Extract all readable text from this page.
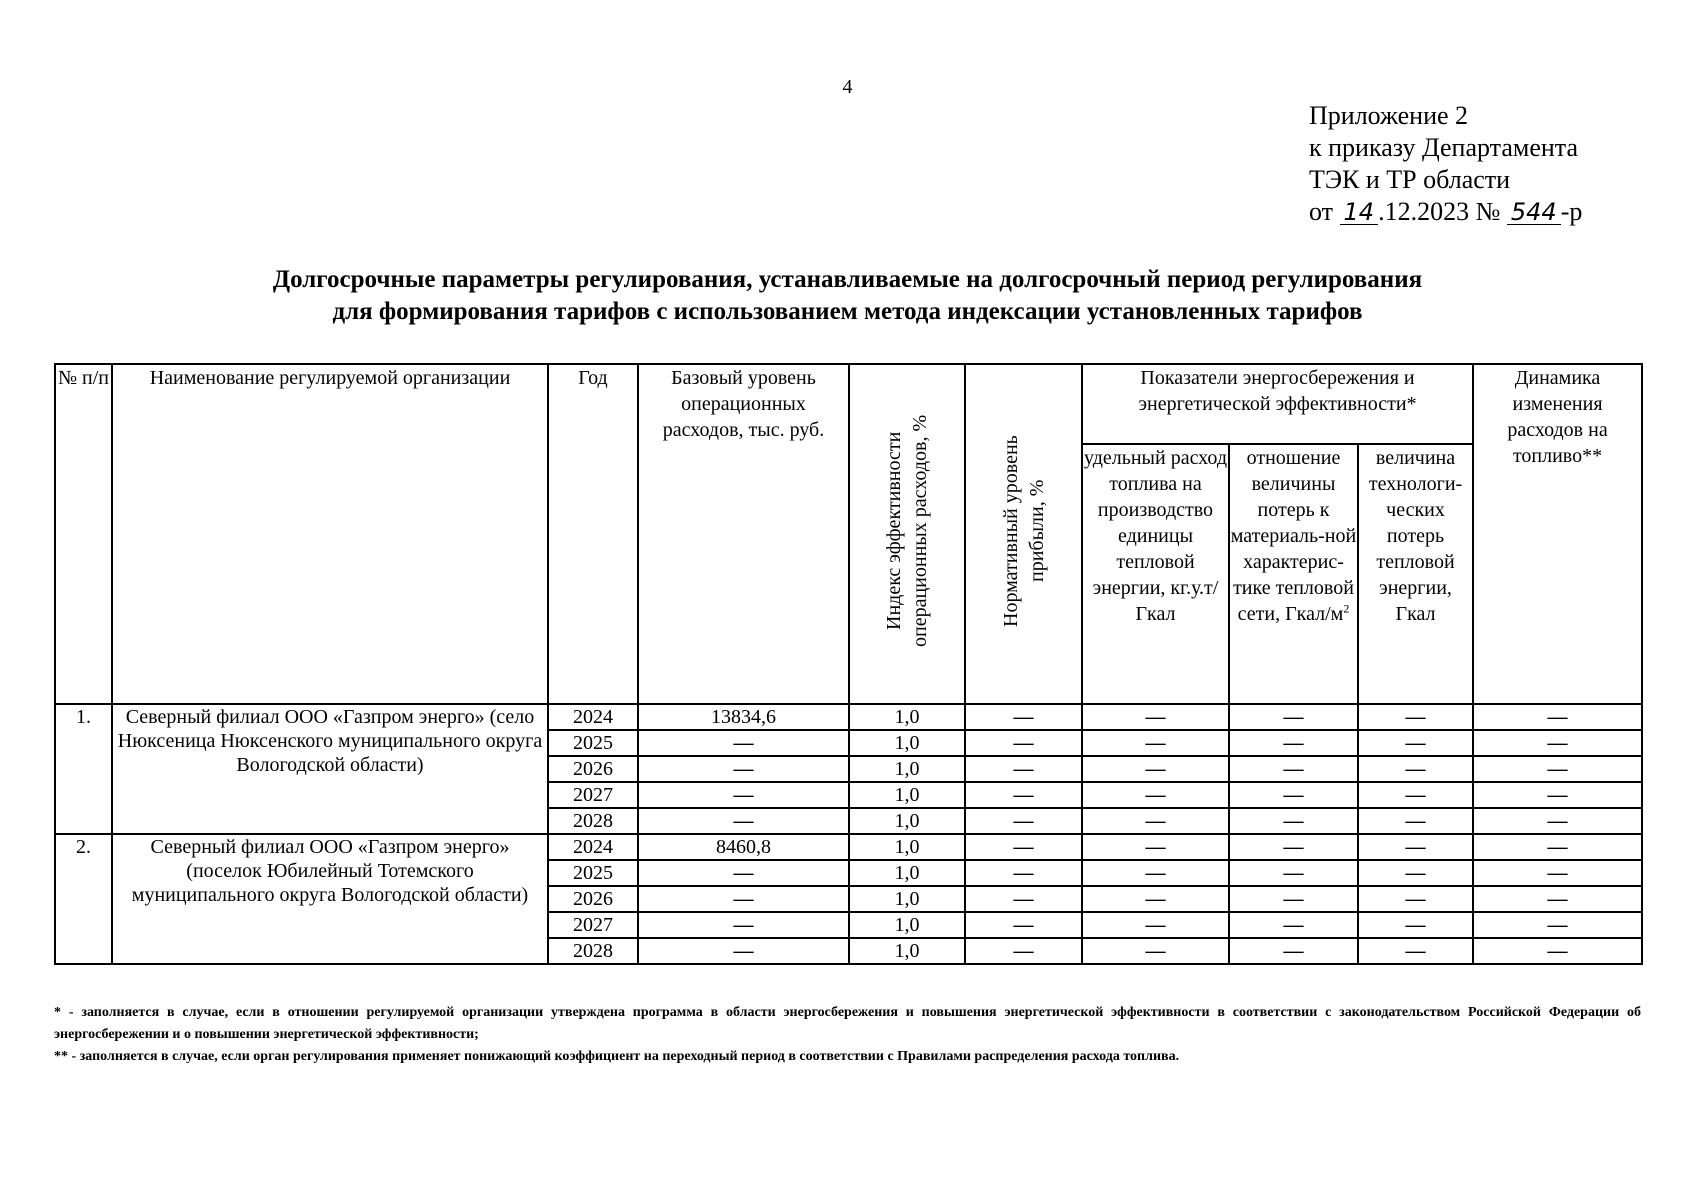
4
Приложение 2
к приказу Департамента
ТЭК и ТР области
от 14 .12.2023 № 544 -р
Долгосрочные параметры регулирования, устанавливаемые на долгосрочный период регулирования
для формирования тарифов с использованием метода индексации установленных тарифов
№ п/п	Наименование регулируемой организации	Год	Базовый уровень операционных расходов, тыс. руб.	Индекс эффективности операционных расходов, %	Нормативный уровень прибыли, %	Показатели энергосбережения и энергетической эффективности*			Динамика изменения расходов на топливо**
						удельный расход топлива на производство единицы тепловой энергии, кг.у.т/Гкал	отношение величины потерь к материаль-ной характерис-тике тепловой сети, Гкал/$м^2$	величина технологи-ческих потерь тепловой энергии, Гкал	
1.	Северный филиал ООО «Газпром энерго» (село Нюксеница Нюксенского муниципального округа Вологодской области)	2024	13834,6	1,0	—	—	—	—	—
		2025	—	1,0	—	—	—	—	—
		2026	—	1,0	—	—	—	—	—
		2027	—	1,0	—	—	—	—	—
		2028	—	1,0	—	—	—	—	—
2.	Северный филиал ООО «Газпром энерго» (поселок Юбилейный Тотемского муниципального округа Вологодской области)	2024	8460,8	1,0	—	—	—	—	—
		2025	—	1,0	—	—	—	—	—
		2026	—	1,0	—	—	—	—	—
		2027	—	1,0	—	—	—	—	—
		2028	—	1,0	—	—	—	—	—
* - заполняется в случае, если в отношении регулируемой организации утверждена программа в области энергосбережения и повышения энергетической эффективности в соответствии с законодательством Российской Федерации об энергосбережении и о повышении энергетической эффективности;
** - заполняется в случае, если орган регулирования применяет понижающий коэффициент на переходный период в соответствии с Правилами распределения расхода топлива.
